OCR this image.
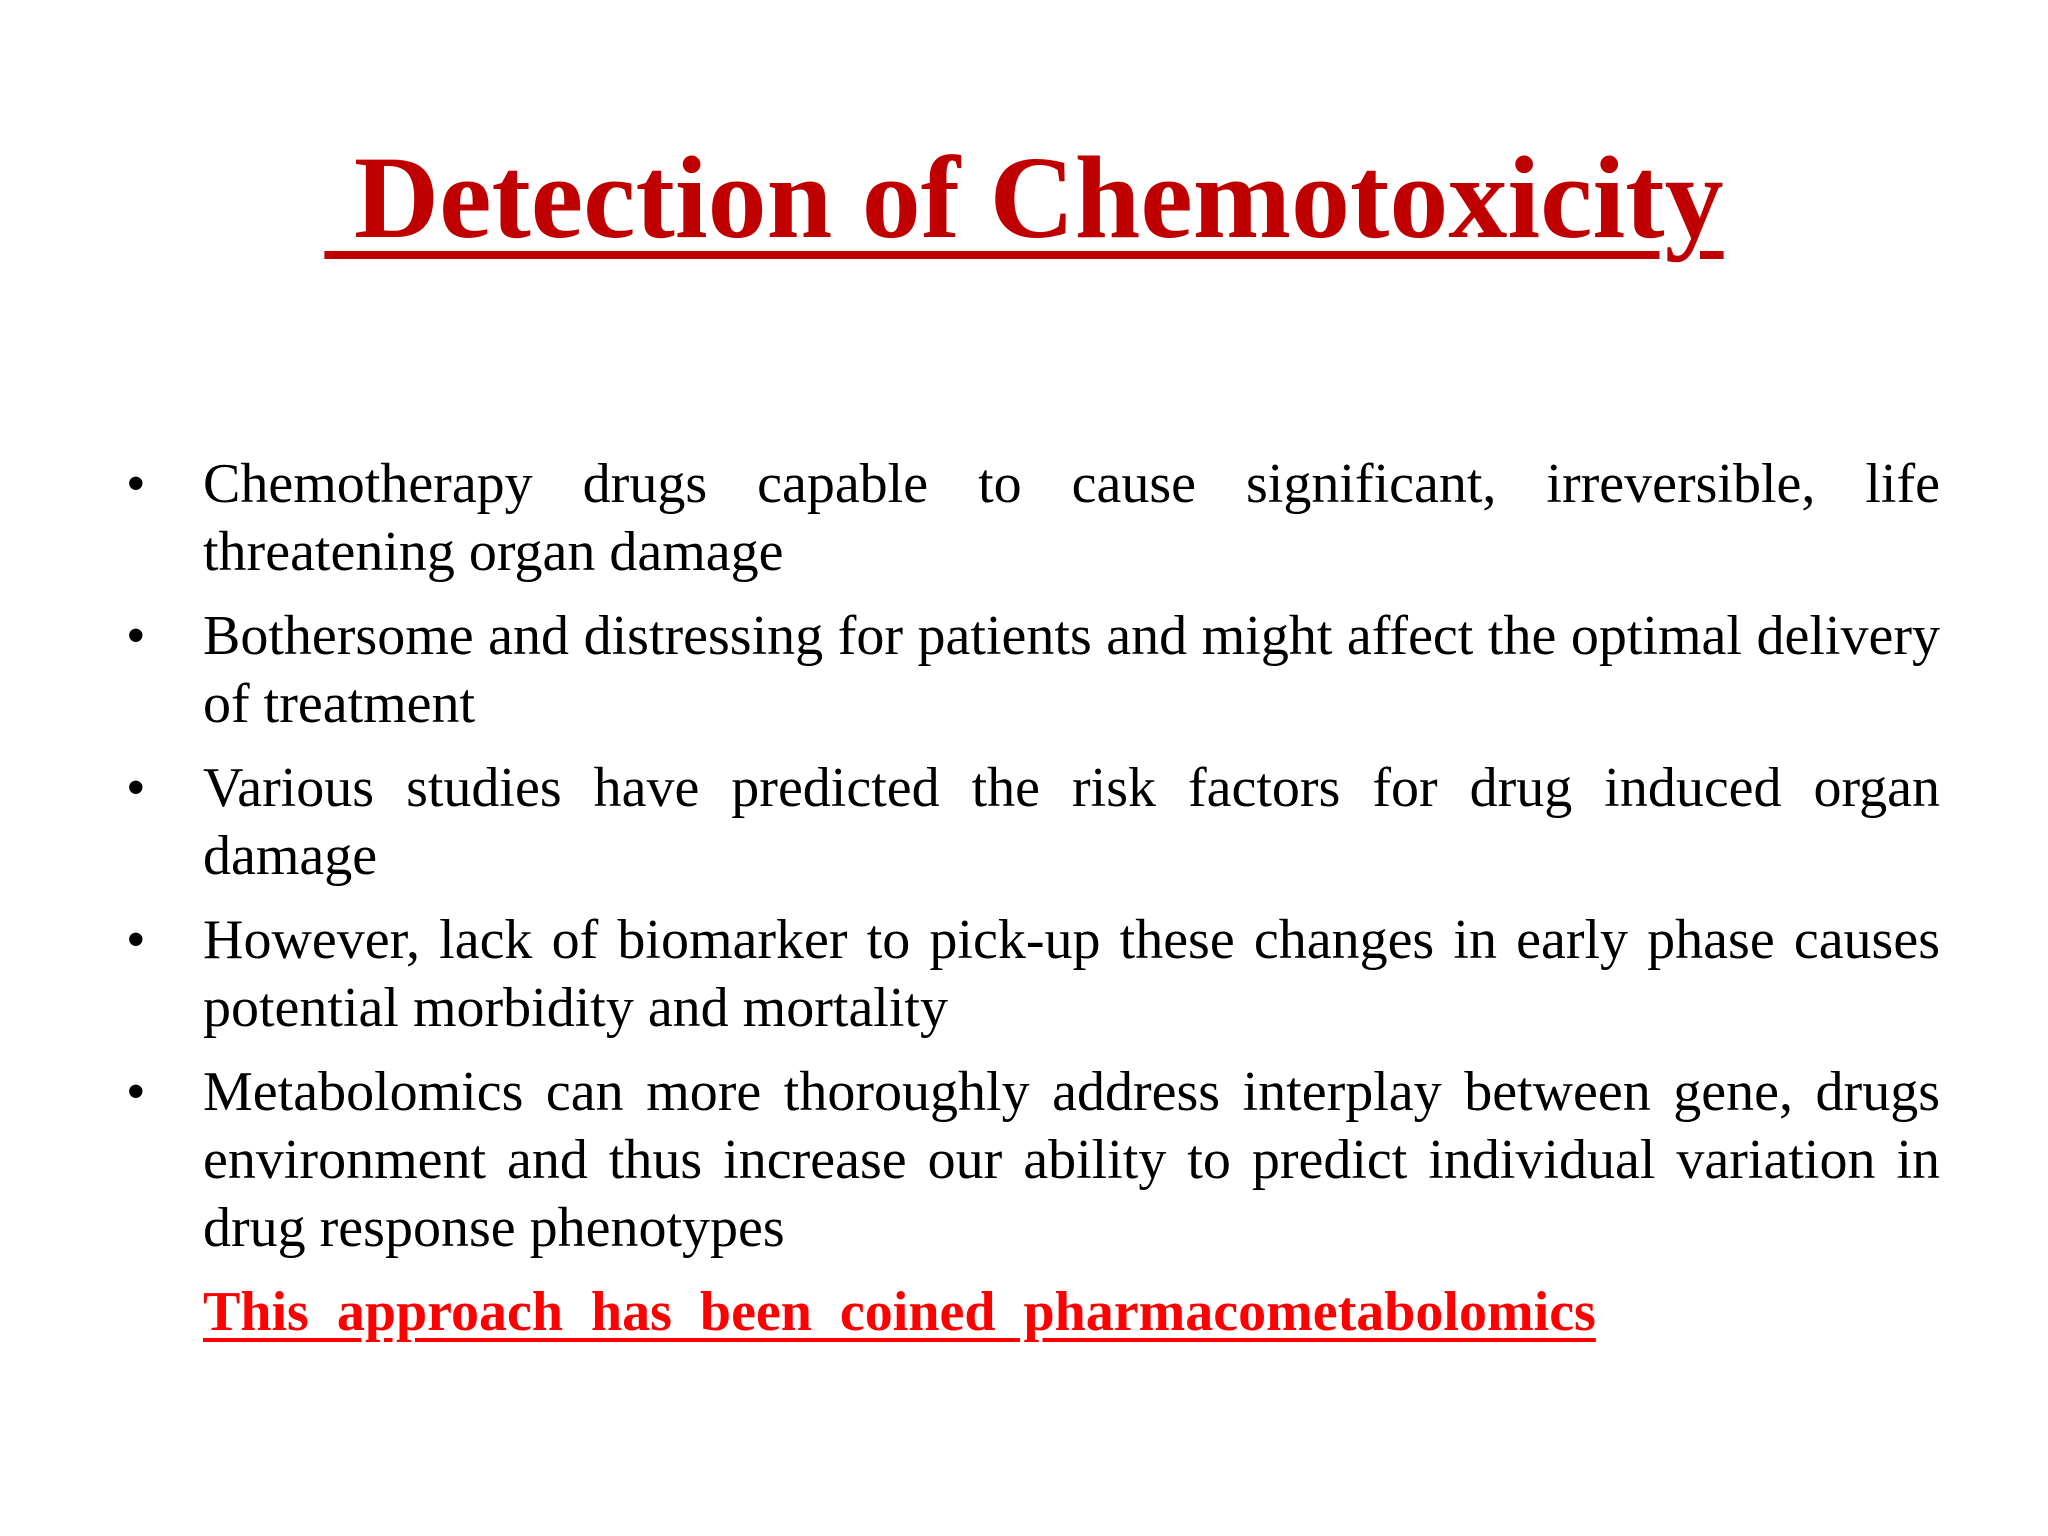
Detection of Chemotoxicity
• Chemotherapy drugs capable to cause significant, irreversible, life threatening organ damage
• Bothersome and distressing for patients and might affect the optimal delivery of treatment
• Various studies have predicted the risk factors for drug induced organ damage
• However, lack of biomarker to pick-up these changes in early phase causes potential morbidity and mortality
• Metabolomics can more thoroughly address interplay between gene, drugs environment and thus increase our ability to predict individual variation in drug response phenotypes

This approach has been coined pharmacometabolomics
